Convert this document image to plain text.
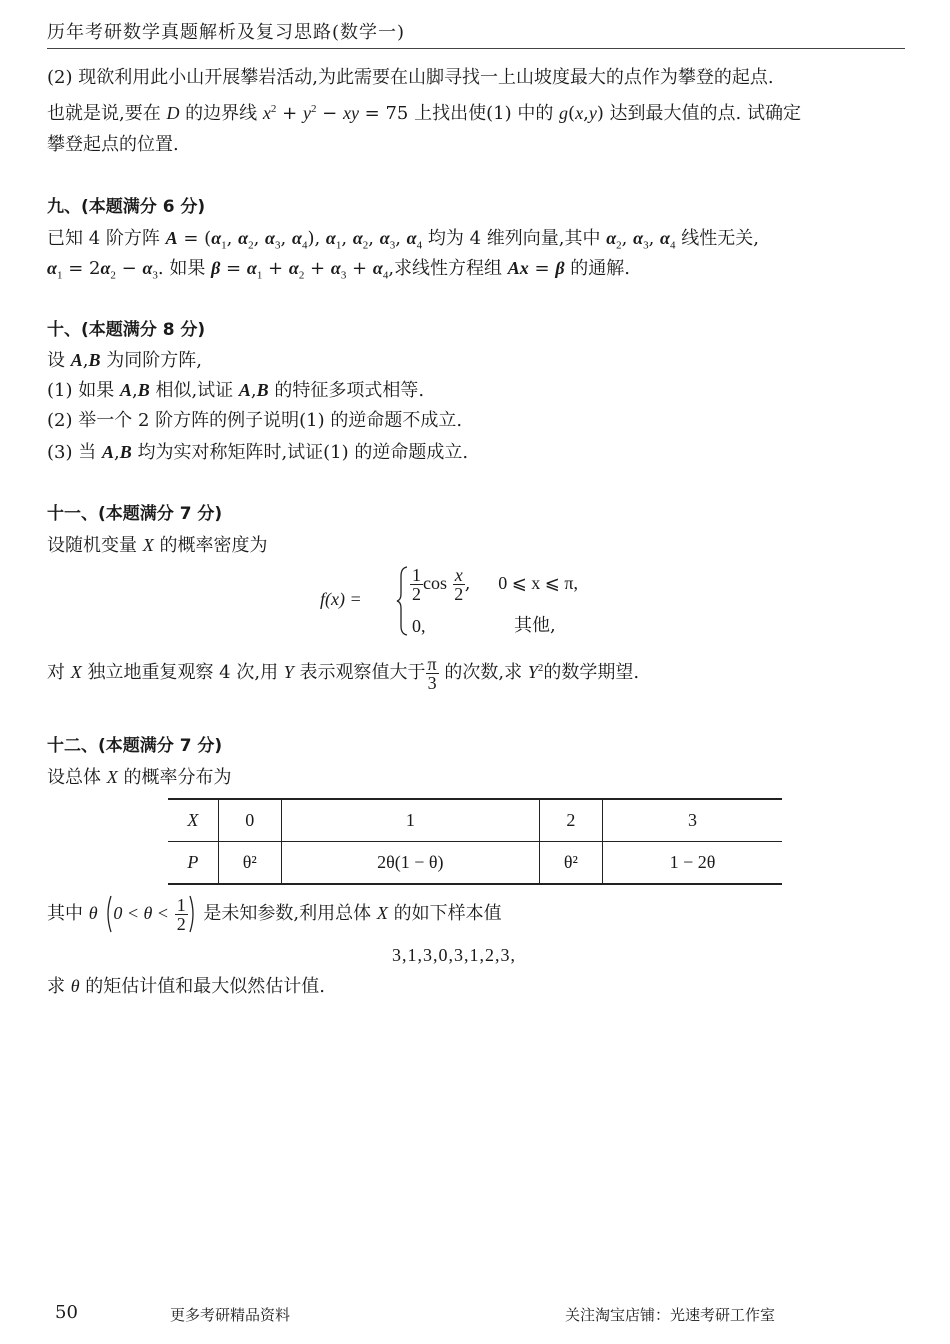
历年考研数学真题解析及复习思路(数学一)
(2) 现欲利用此小山开展攀岩活动,为此需要在山脚寻找一上山坡度最大的点作为攀登的起点.
也就是说,要在 D 的边界线 $x^2 + y^2$ − xy = 75 上找出使(1) 中的 g(x,y) 达到最大值的点. 试确定
攀登起点的位置.
九、(本题满分 6 分)
已知 4 阶方阵 $A = (\alpha_1$, $\alpha_2$, $\alpha_3$, $\alpha_4$), $\alpha_1$, $\alpha_2$, $\alpha_3$, $\alpha_4$ 均为 4 维列向量,其中 $\alpha_2$, $\alpha_3$, $\alpha_4$ 线性无关,
$\alpha_1 = 2\alpha_2 - \alpha_3$. 如果 $\beta = \alpha_1 + \alpha_2 + \alpha_3 + \alpha_4$,求线性方程组 Ax = β 的通解.
十、(本题满分 8 分)
设 A,B 为同阶方阵,
(1) 如果 A,B 相似,试证 A,B 的特征多项式相等.
(2) 举一个 2 阶方阵的例子说明(1) 的逆命题不成立.
(3) 当 A,B 均为实对称矩阵时,试证(1) 的逆命题成立.
十一、(本题满分 7 分)
设随机变量 X 的概率密度为
十二、(本题满分 7 分)
设总体 X 的概率分布为
求 θ 的矩估计值和最大似然估计值.
f(x) =	$\frac{1}{2}$ $\cos \frac{x}{2}$ , 0 ⩽ x ⩽ π,
0,	其他,
对 X 独立地重复观察 4 次,用 Y 表示观察值大于 $\frac{\pi}{3}$ 的次数,求 $Y^2$的数学期望.
X	0	1	2	3
P	θ²	2θ(1 − θ)	θ²	1 − 2θ
其中 θ $0 < \theta < \frac{1}{2}$ 是未知参数,利用总体 X 的如下样本值
3,1,3,0,3,1,2,3,
50	更多考研精品资料	关注淘宝店铺：光速考研工作室
